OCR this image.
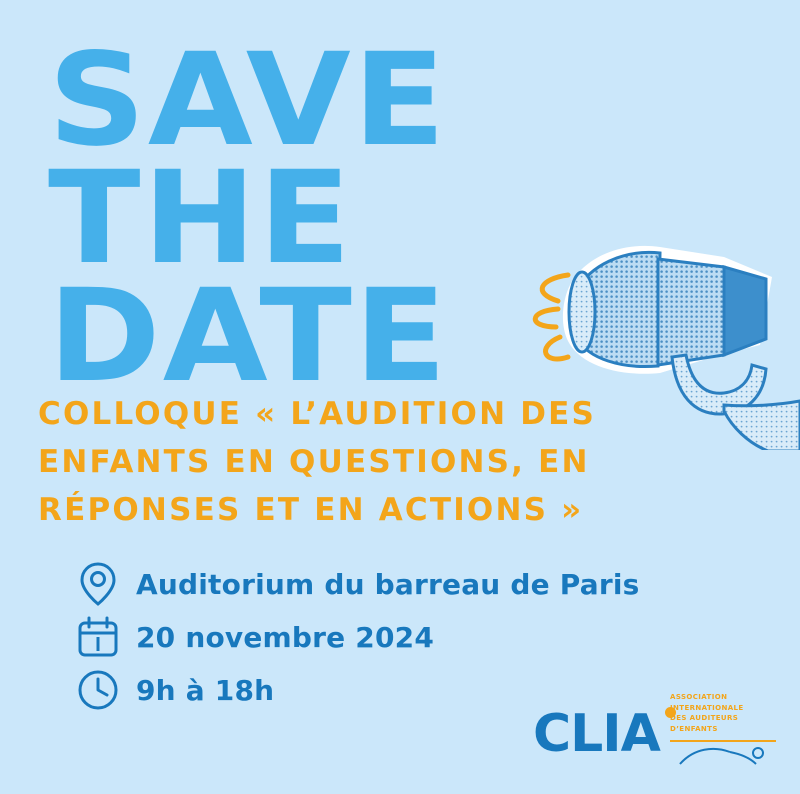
SAVE THE
DATE
COLLOQUE « L’AUDITION DES ENFANTS EN QUESTIONS, EN RÉPONSES ET EN ACTIONS »
Auditorium du barreau de Paris
20 novembre 2024
9h à 18h
CLIA
ASSOCIATION INTERNATIONALE
DES AUDITEURS D’ENFANTS
